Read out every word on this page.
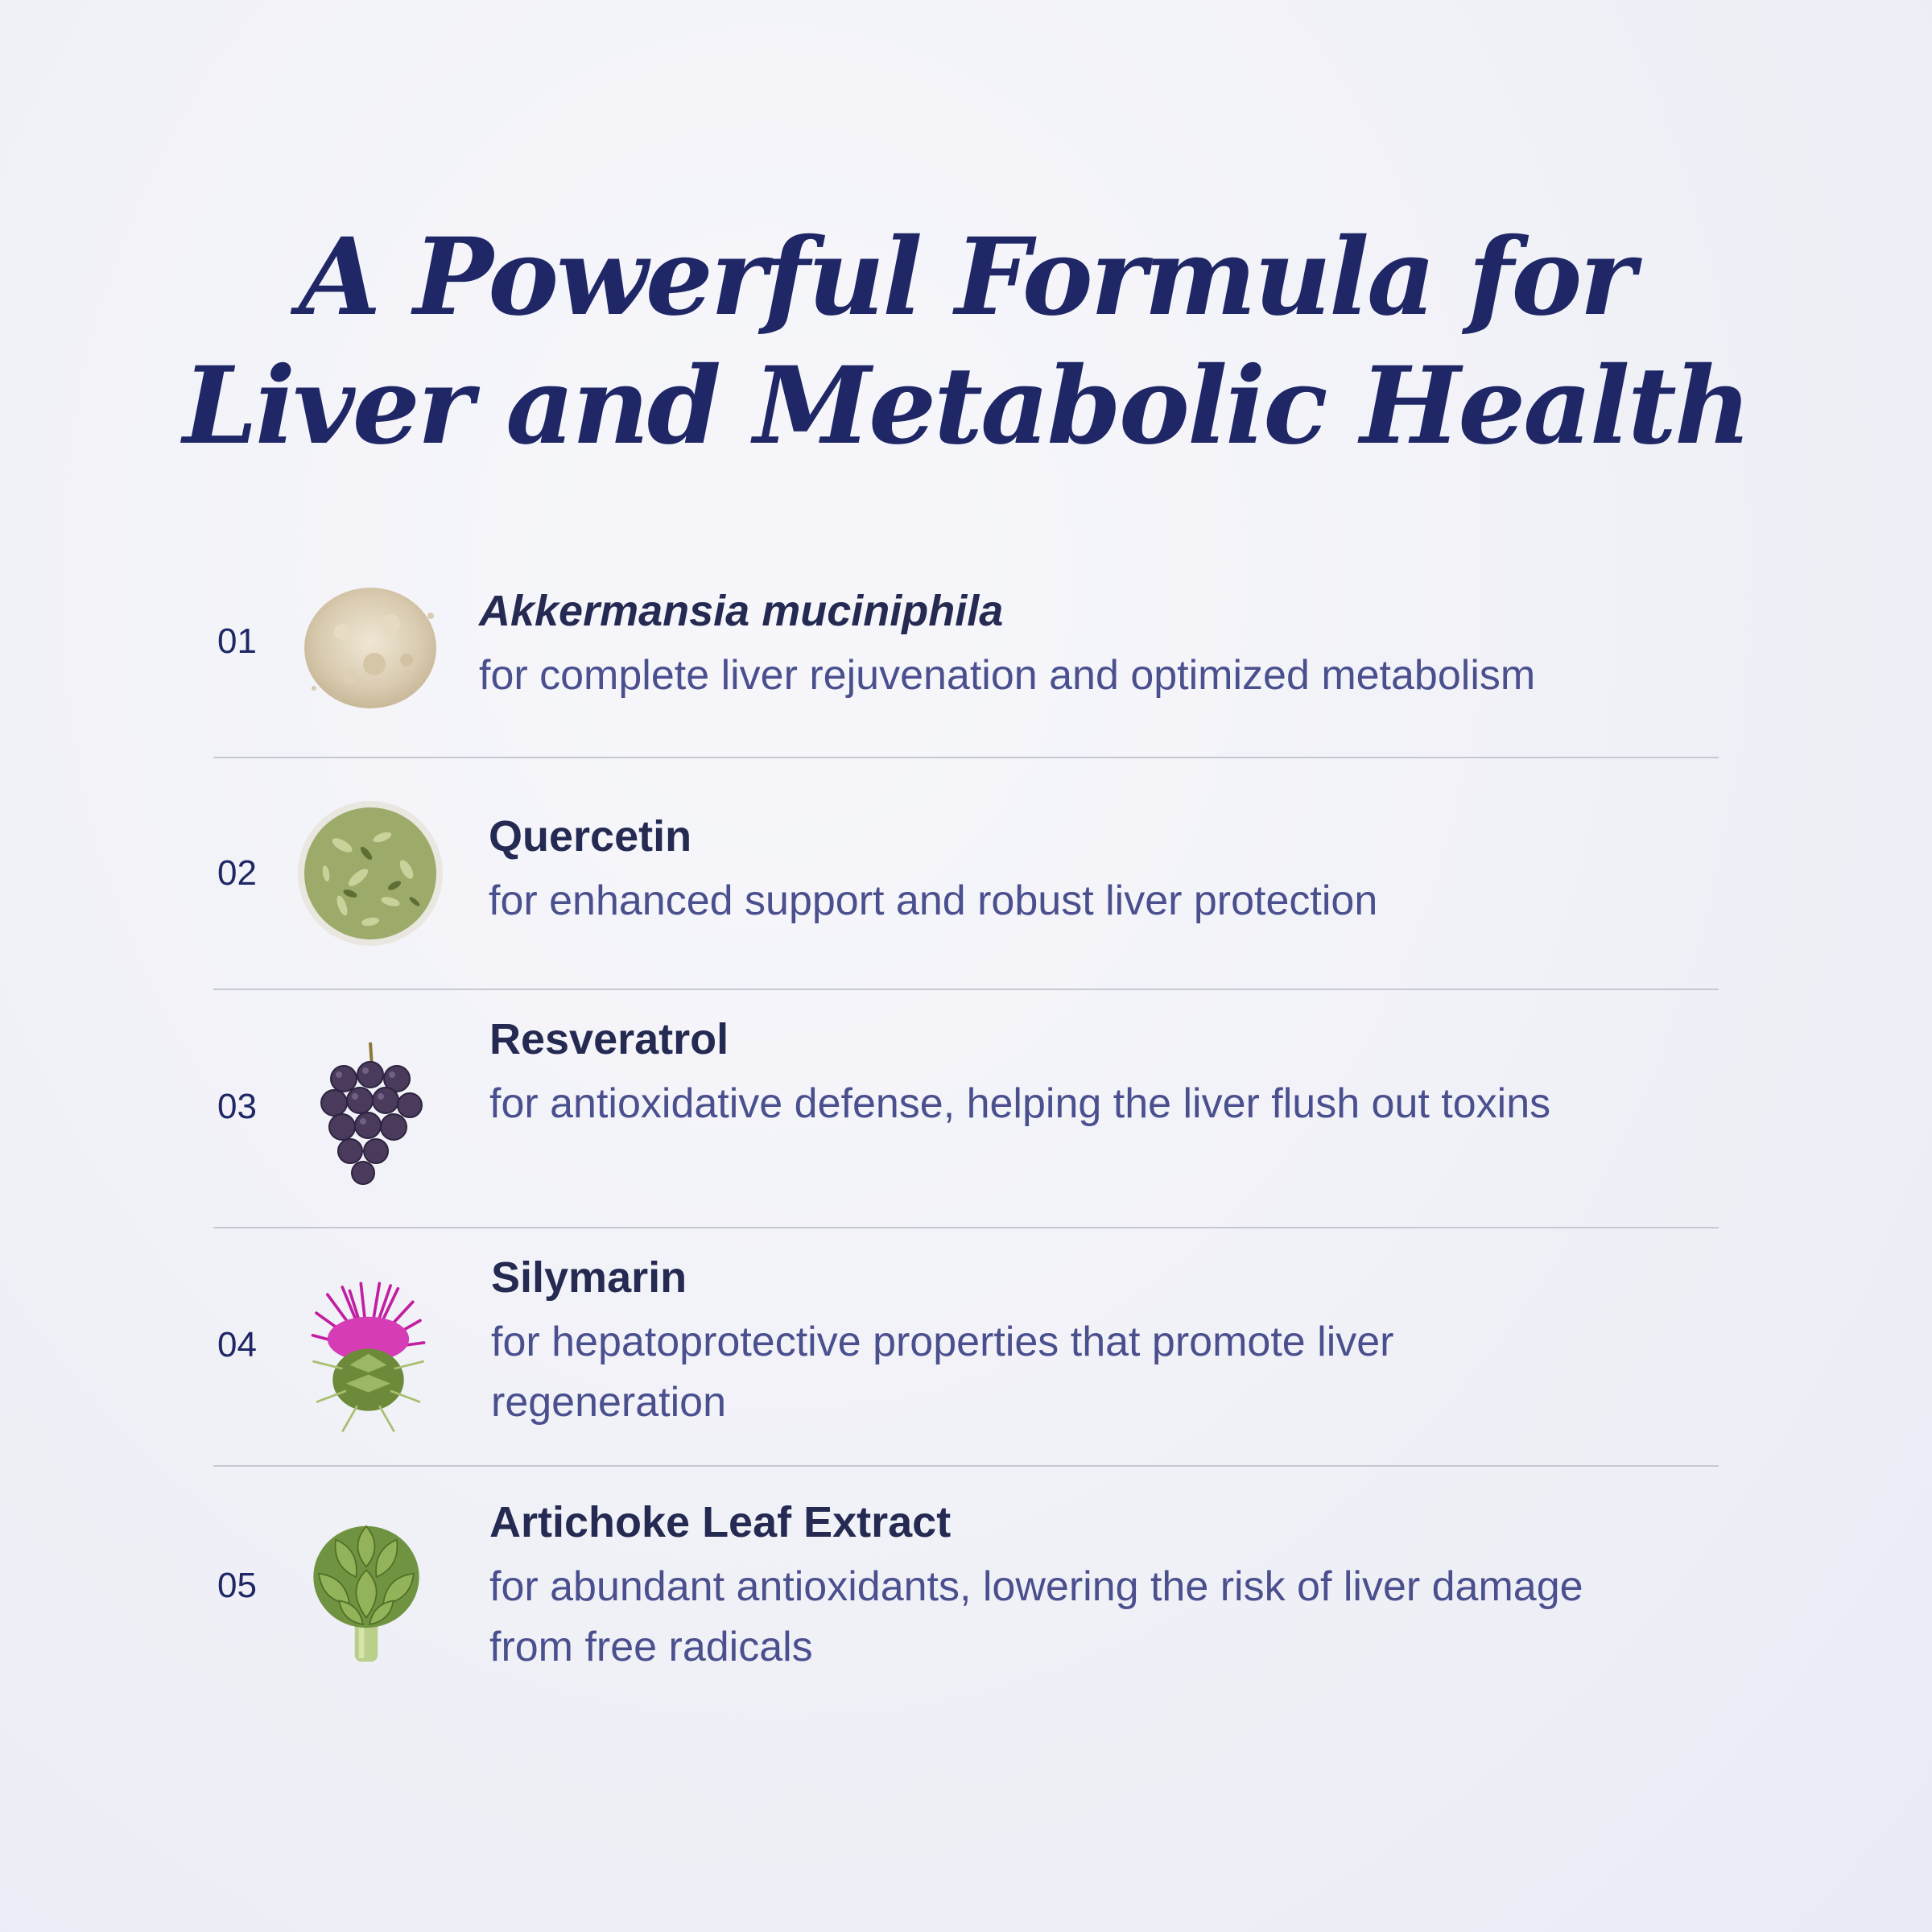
A Powerful Formula for
Liver and Metabolic Health
01
Akkermansia muciniphila
for complete liver rejuvenation and optimized metabolism
02
Quercetin
for enhanced support and robust liver protection
03
Resveratrol
for antioxidative defense, helping the liver flush out toxins
04
Silymarin
for hepatoprotective properties that promote liver regeneration
05
Artichoke Leaf Extract
for abundant antioxidants, lowering the risk of liver damage from free radicals
